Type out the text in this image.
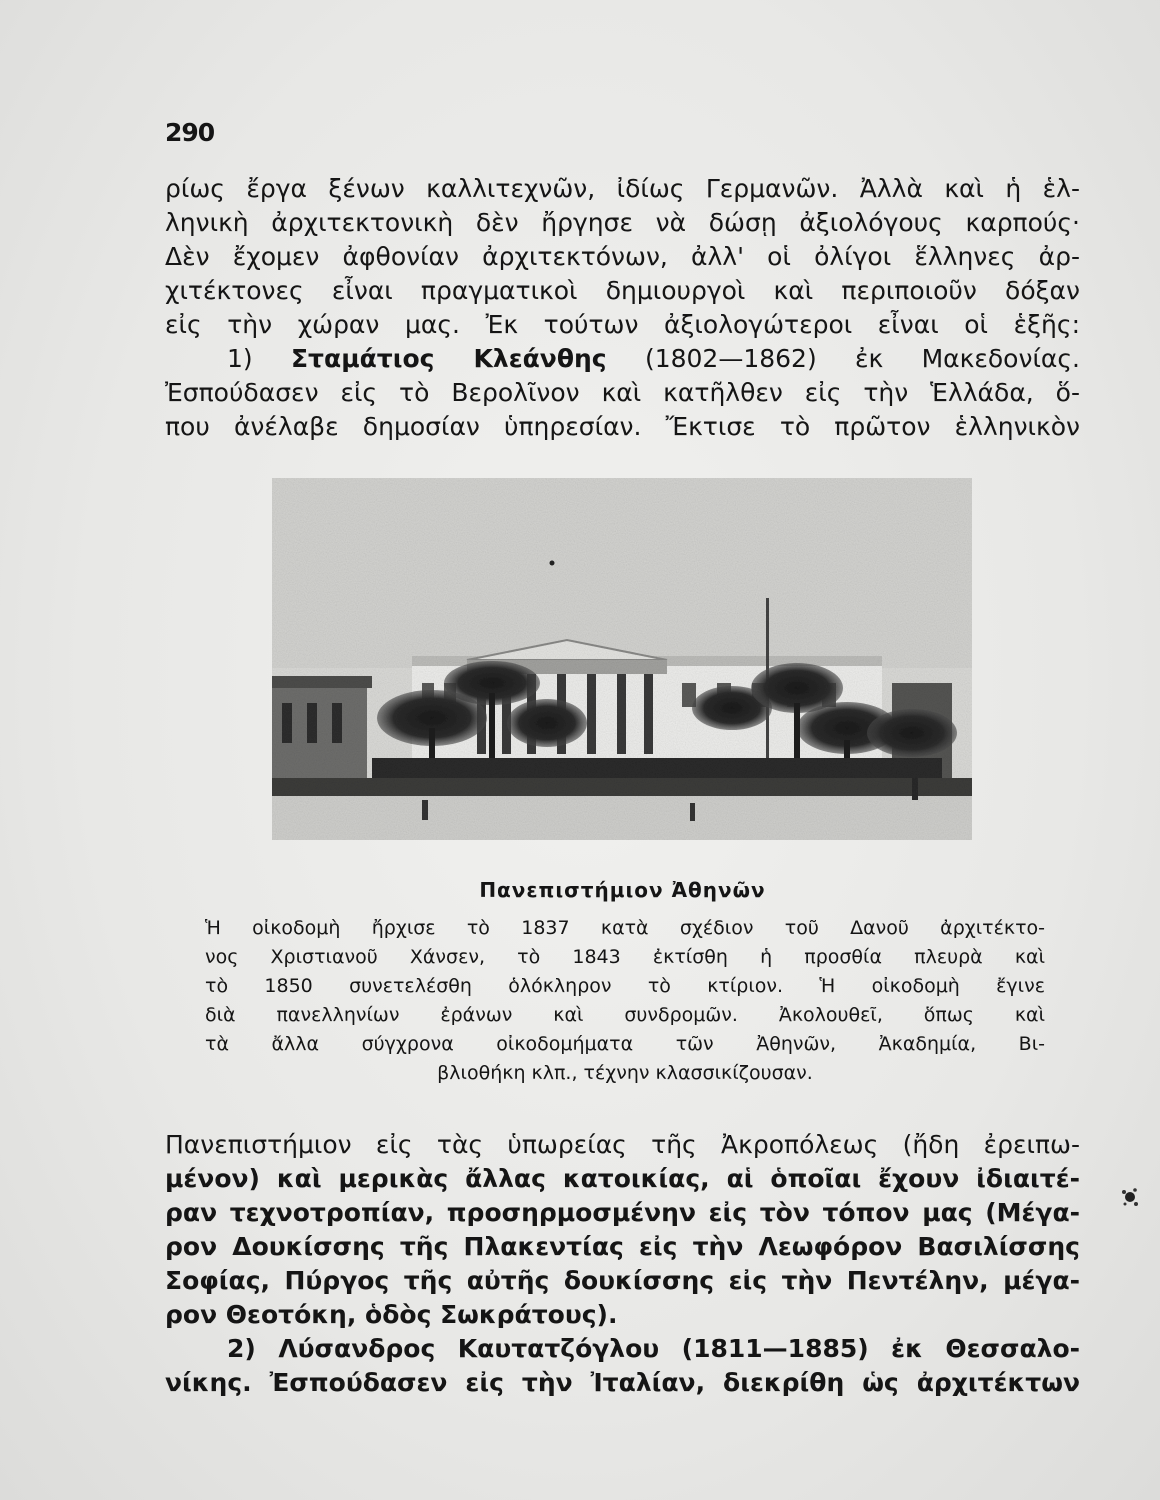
290
ρίως ἔργα ξένων καλλιτεχνῶν, ἰδίως Γερμανῶν. Ἀλλὰ καὶ ἡ ἑλ-
ληνικὴ ἀρχιτεκτονικὴ δὲν ἤργησε νὰ δώσῃ ἀξιολόγους καρπούς·
Δὲν ἔχομεν ἀφθονίαν ἀρχιτεκτόνων, ἀλλ' οἱ ὀλίγοι ἕλληνες ἀρ-
χιτέκτονες εἶναι πραγματικοὶ δημιουργοὶ καὶ περιποιοῦν δόξαν
εἰς τὴν χώραν μας. Ἐκ τούτων ἀξιολογώτεροι εἶναι οἱ ἑξῆς:
1) Σταμάτιος Κλεάνθης (1802—1862) ἐκ Μακεδονίας.
Ἐσπούδασεν εἰς τὸ Βερολῖνον καὶ κατῆλθεν εἰς τὴν Ἑλλάδα, ὅ-
που ἀνέλαβε δημοσίαν ὑπηρεσίαν. Ἔκτισε τὸ πρῶτον ἑλληνικὸν
Πανεπιστήμιον Ἀθηνῶν
Ἡ οἰκοδομὴ ἤρχισε τὸ 1837 κατὰ σχέδιον τοῦ Δανοῦ ἀρχιτέκτο-
νος Χριστιανοῦ Χάνσεν, τὸ 1843 ἐκτίσθη ἡ προσθία πλευρὰ καὶ
τὸ 1850 συνετελέσθη ὁλόκληρον τὸ κτίριον. Ἡ οἰκοδομὴ ἔγινε
διὰ πανελληνίων ἐράνων καὶ συνδρομῶν. Ἀκολουθεῖ, ὅπως καὶ
τὰ ἄλλα σύγχρονα οἰκοδομήματα τῶν Ἀθηνῶν, Ἀκαδημία, Βι-
βλιοθήκη κλπ., τέχνην κλασσικίζουσαν.
Πανεπιστήμιον εἰς τὰς ὑπωρείας τῆς Ἀκροπόλεως (ἤδη ἐρειπω-
μένον) καὶ μερικὰς ἄλλας κατοικίας, αἱ ὁποῖαι ἔχουν ἰδιαιτέ-
ραν τεχνοτροπίαν, προσηρμοσμένην εἰς τὸν τόπον μας (Μέγα-
ρον Δουκίσσης τῆς Πλακεντίας εἰς τὴν Λεωφόρον Βασιλίσσης
Σοφίας, Πύργος τῆς αὐτῆς δουκίσσης εἰς τὴν Πεντέλην, μέγα-
ρον Θεοτόκη, ὁδὸς Σωκράτους).
2) Λύσανδρος Καυτατζόγλου (1811—1885) ἐκ Θεσσαλο-
νίκης. Ἐσπούδασεν εἰς τὴν Ἰταλίαν, διεκρίθη ὡς ἀρχιτέκτων
